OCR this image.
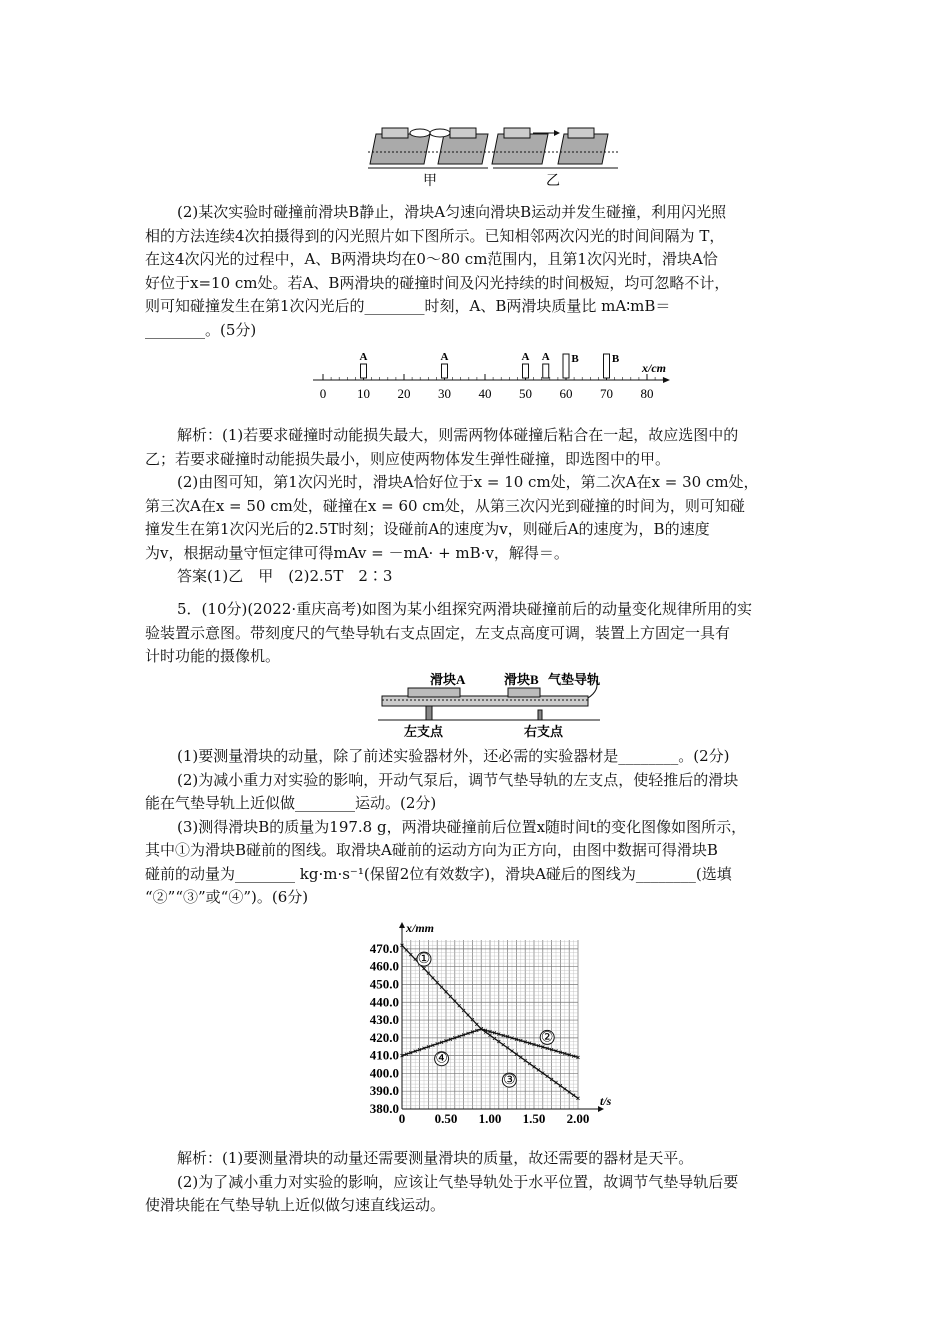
甲	乙
(2)某次实验时碰撞前滑块B静止，滑块A匀速向滑块B运动并发生碰撞，利用闪光照
相的方法连续4次拍摄得到的闪光照片如下图所示。已知相邻两次闪光的时间间隔为 T，
在这4次闪光的过程中，A、B两滑块均在0～80 cm范围内，且第1次闪光时，滑块A恰
好位于x=10 cm处。若A、B两滑块的碰撞时间及闪光持续的时间极短，均可忽略不计，
则可知碰撞发生在第1次闪光后的________时刻，A、B两滑块质量比 mA∶mB＝
________。(5分)
x/cm
0 10 20 30 40 50 60 70 80
A	A	A A B	B
解析：(1)若要求碰撞时动能损失最大，则需两物体碰撞后粘合在一起，故应选图中的
乙；若要求碰撞时动能损失最小，则应使两物体发生弹性碰撞，即选图中的甲。
(2)由图可知，第1次闪光时，滑块A恰好位于x = 10 cm处，第二次A在x = 30 cm处，
第三次A在x = 50 cm处，碰撞在x = 60 cm处，从第三次闪光到碰撞的时间为，则可知碰
撞发生在第1次闪光后的2.5T时刻；设碰前A的速度为v，则碰后A的速度为，B的速度
为v，根据动量守恒定律可得mAv = －mA· + mB·v，解得＝。
答案(1)乙　甲　(2)2.5T　2∶3
5．(10分)(2022·重庆高考)如图为某小组探究两滑块碰撞前后的动量变化规律所用的实
验装置示意图。带刻度尺的气垫导轨右支点固定，左支点高度可调，装置上方固定一具有
计时功能的摄像机。
滑块A	滑块B 气垫导轨
左支点	右支点
(1)要测量滑块的动量，除了前述实验器材外，还必需的实验器材是________。(2分)
(2)为减小重力对实验的影响，开动气泵后，调节气垫导轨的左支点，使轻推后的滑块
能在气垫导轨上近似做________运动。(2分)
(3)测得滑块B的质量为197.8 g，两滑块碰撞前后位置x随时间t的变化图像如图所示，
其中①为滑块B碰前的图线。取滑块A碰前的运动方向为正方向，由图中数据可得滑块B
碰前的动量为________ kg·m·s⁻¹(保留2位有效数字)，滑块A碰后的图线为________(选填
“②”“③”或“④”)。(6分)
x/mm
t/s
0 0.50 1.00 1.50 2.00
380.0
390.0
400.0
410.0
420.0
430.0
440.0
450.0
460.0
470.0
①
②
③
④
解析：(1)要测量滑块的动量还需要测量滑块的质量，故还需要的器材是天平。
(2)为了减小重力对实验的影响，应该让气垫导轨处于水平位置，故调节气垫导轨后要
使滑块能在气垫导轨上近似做匀速直线运动。
